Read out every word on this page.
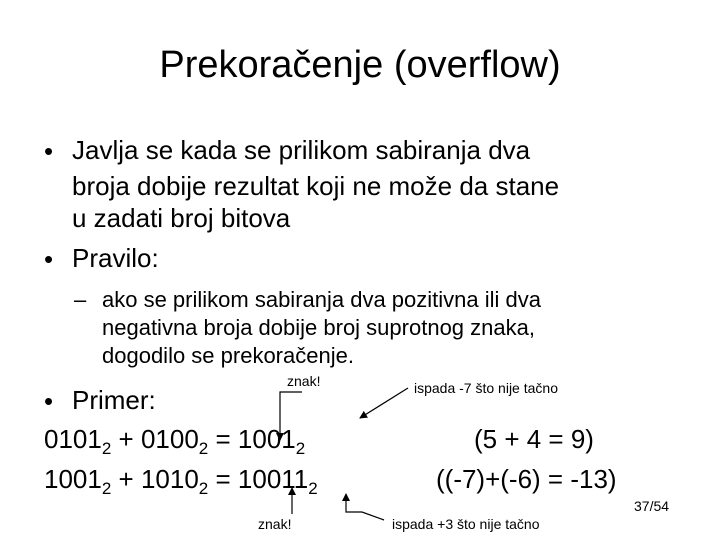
Prekoračenje (overflow)
• Javlja se kada se prilikom sabiranja dva
broja dobije rezultat koji ne može da stane
u zadati broj bitova
• Pravilo:
– ako se prilikom sabiranja dva pozitivna ili dva
negativna broja dobije broj suprotnog znaka,
dogodilo se prekoračenje.
znak!	ispada -7 što nije tačno
• Primer:
$0101_2 + 0100_2 = 1001_2$	(5 + 4 = 9)
$1001_2 + 1010_2 = 10011_2$	((-7)+(-6) = -13)
37/54
znak!	ispada +3 što nije tačno
